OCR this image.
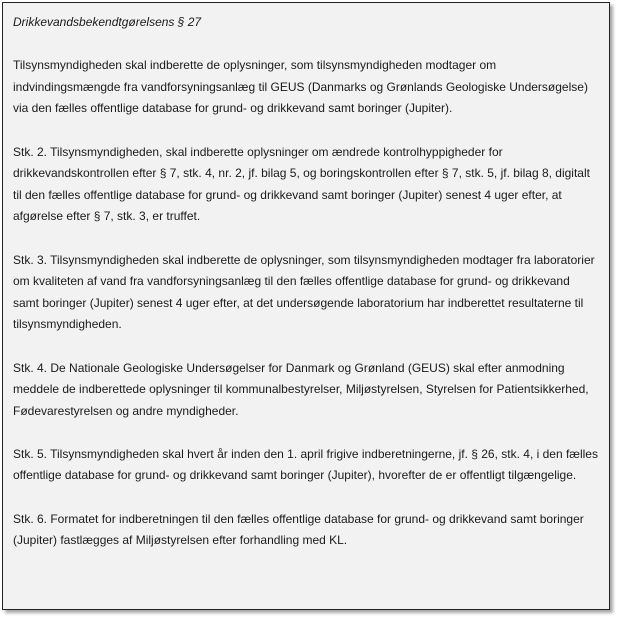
Drikkevandsbekendtgørelsens § 27

Tilsynsmyndigheden skal indberette de oplysninger, som tilsynsmyndigheden modtager om indvindingsmængde fra vandforsyningsanlæg til GEUS (Danmarks og Grønlands Geologiske Undersøgelse) via den fælles offentlige database for grund- og drikkevand samt boringer (Jupiter).

Stk. 2. Tilsynsmyndigheden, skal indberette oplysninger om ændrede kontrolhyppigheder for drikkevandskontrollen efter § 7, stk. 4, nr. 2, jf. bilag 5, og boringskontrollen efter § 7, stk. 5, jf. bilag 8, digitalt til den fælles offentlige database for grund- og drikkevand samt boringer (Jupiter) senest 4 uger efter, at afgørelse efter § 7, stk. 3, er truffet.

Stk. 3. Tilsynsmyndigheden skal indberette de oplysninger, som tilsynsmyndigheden modtager fra laboratorier om kvaliteten af vand fra vandforsyningsanlæg til den fælles offentlige database for grund- og drikkevand samt boringer (Jupiter) senest 4 uger efter, at det undersøgende laboratorium har indberettet resultaterne til tilsynsmyndigheden.

Stk. 4. De Nationale Geologiske Undersøgelser for Danmark og Grønland (GEUS) skal efter anmodning meddele de indberettede oplysninger til kommunalbestyrelser, Miljøstyrelsen, Styrelsen for Patientsikkerhed, Fødevarestyrelsen og andre myndigheder.

Stk. 5. Tilsynsmyndigheden skal hvert år inden den 1. april frigive indberetningerne, jf. § 26, stk. 4, i den fælles offentlige database for grund- og drikkevand samt boringer (Jupiter), hvorefter de er offentligt tilgængelige.

Stk. 6. Formatet for indberetningen til den fælles offentlige database for grund- og drikkevand samt boringer (Jupiter) fastlægges af Miljøstyrelsen efter forhandling med KL.
